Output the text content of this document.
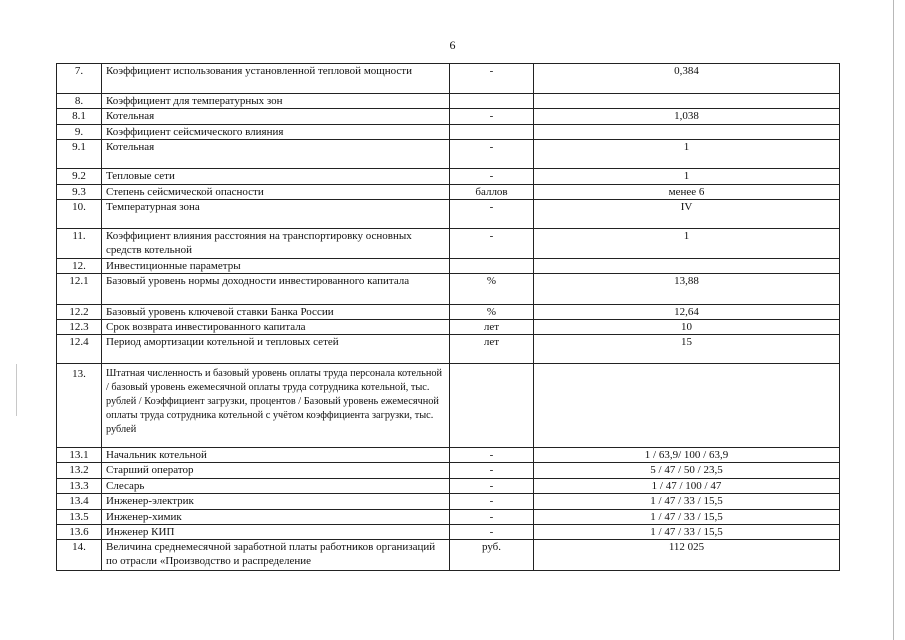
6
7.	Коэффициент использования установленной тепловой мощности	-	0,384
8.	Коэффициент для температурных зон		
8.1	Котельная	-	1,038
9.	Коэффициент сейсмического влияния		
9.1	Котельная	-	1
9.2	Тепловые сети	-	1
9.3	Степень сейсмической опасности	баллов	менее 6
10.	Температурная зона	-	IV
11.	Коэффициент влияния расстояния на транспортировку основных средств котельной	-	1
12.	Инвестиционные параметры		
12.1	Базовый уровень нормы доходности инвестированного капитала	%	13,88
12.2	Базовый уровень ключевой ставки Банка России	%	12,64
12.3	Срок возврата инвестированного капитала	лет	10
12.4	Период амортизации котельной и тепловых сетей	лет	15
13.	Штатная численность и базовый уровень оплаты труда персонала котельной / базовый уровень ежемесячной оплаты труда сотрудника котельной, тыс. рублей / Коэффициент загрузки, процентов / Базовый уровень ежемесячной оплаты труда сотрудника котельной с учётом коэффициента загрузки, тыс. рублей		
13.1	Начальник котельной	-	1 / 63,9/ 100 / 63,9
13.2	Старший оператор	-	5 / 47 / 50 / 23,5
13.3	Слесарь	-	1 / 47 / 100 / 47
13.4	Инженер-электрик	-	1 / 47 / 33 / 15,5
13.5	Инженер-химик	-	1 / 47 / 33 / 15,5
13.6	Инженер КИП	-	1 / 47 / 33 / 15,5
14.	Величина среднемесячной заработной платы работников организаций по отрасли «Производство и распределение	руб.	112 025
